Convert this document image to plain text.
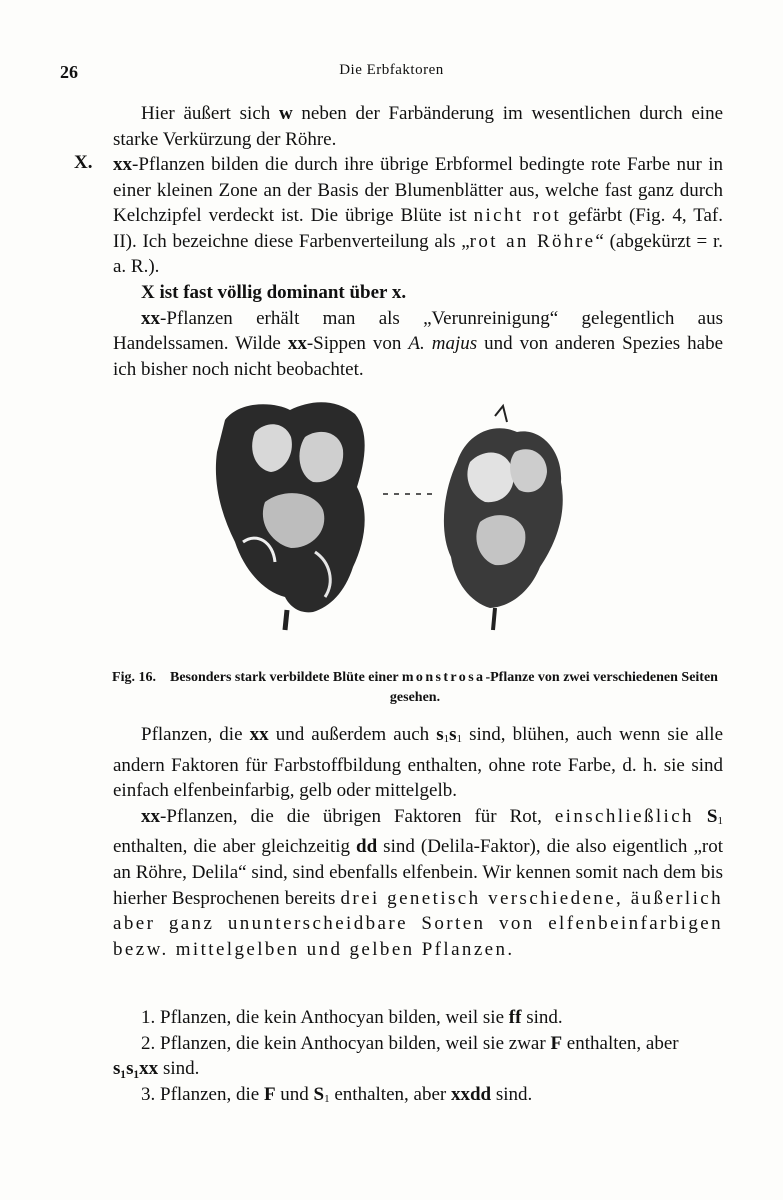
26	Die Erbfaktoren

Hier äußert sich w neben der Farbänderung im wesentlichen durch eine starke Verkürzung der Röhre.

X. xx-Pflanzen bilden die durch ihre übrige Erbformel bedingte rote Farbe nur in einer kleinen Zone an der Basis der Blumenblätter aus, welche fast ganz durch Kelchzipfel verdeckt ist. Die übrige Blüte ist nicht rot gefärbt (Fig. 4, Taf. II). Ich bezeichne diese Farbenverteilung als „rot an Röhre“ (abgekürzt = r. a. R.).

X ist fast völlig dominant über x.

xx-Pflanzen erhält man als „Verunreinigung“ gelegentlich aus Handelssamen. Wilde xx-Sippen von A. majus und von anderen Spezies habe ich bisher noch nicht beobachtet.

Fig. 16. Besonders stark verbildete Blüte einer monstrosa-Pflanze von zwei verschiedenen Seiten gesehen.

Pflanzen, die xx und außerdem auch $s_1s_1$ sind, blühen, auch wenn sie alle andern Faktoren für Farbstoffbildung enthalten, ohne rote Farbe, d. h. sie sind einfach elfenbeinfarbig, gelb oder mittelgelb.

xx-Pflanzen, die die übrigen Faktoren für Rot, einschließlich $S_1$ enthalten, die aber gleichzeitig dd sind (Delila-Faktor), die also eigentlich „rot an Röhre, Delila“ sind, sind ebenfalls elfenbein. Wir kennen somit nach dem bis hierher Besprochenen bereits drei genetisch verschiedene, äußerlich aber ganz ununterscheidbare Sorten von elfenbeinfarbigen bezw. mittelgelben und gelben Pflanzen.

1. Pflanzen, die kein Anthocyan bilden, weil sie ff sind.

2. Pflanzen, die kein Anthocyan bilden, weil sie zwar F enthalten, aber s₁s₁xx sind.

3. Pflanzen, die F und $S_1$ enthalten, aber xxdd sind.
